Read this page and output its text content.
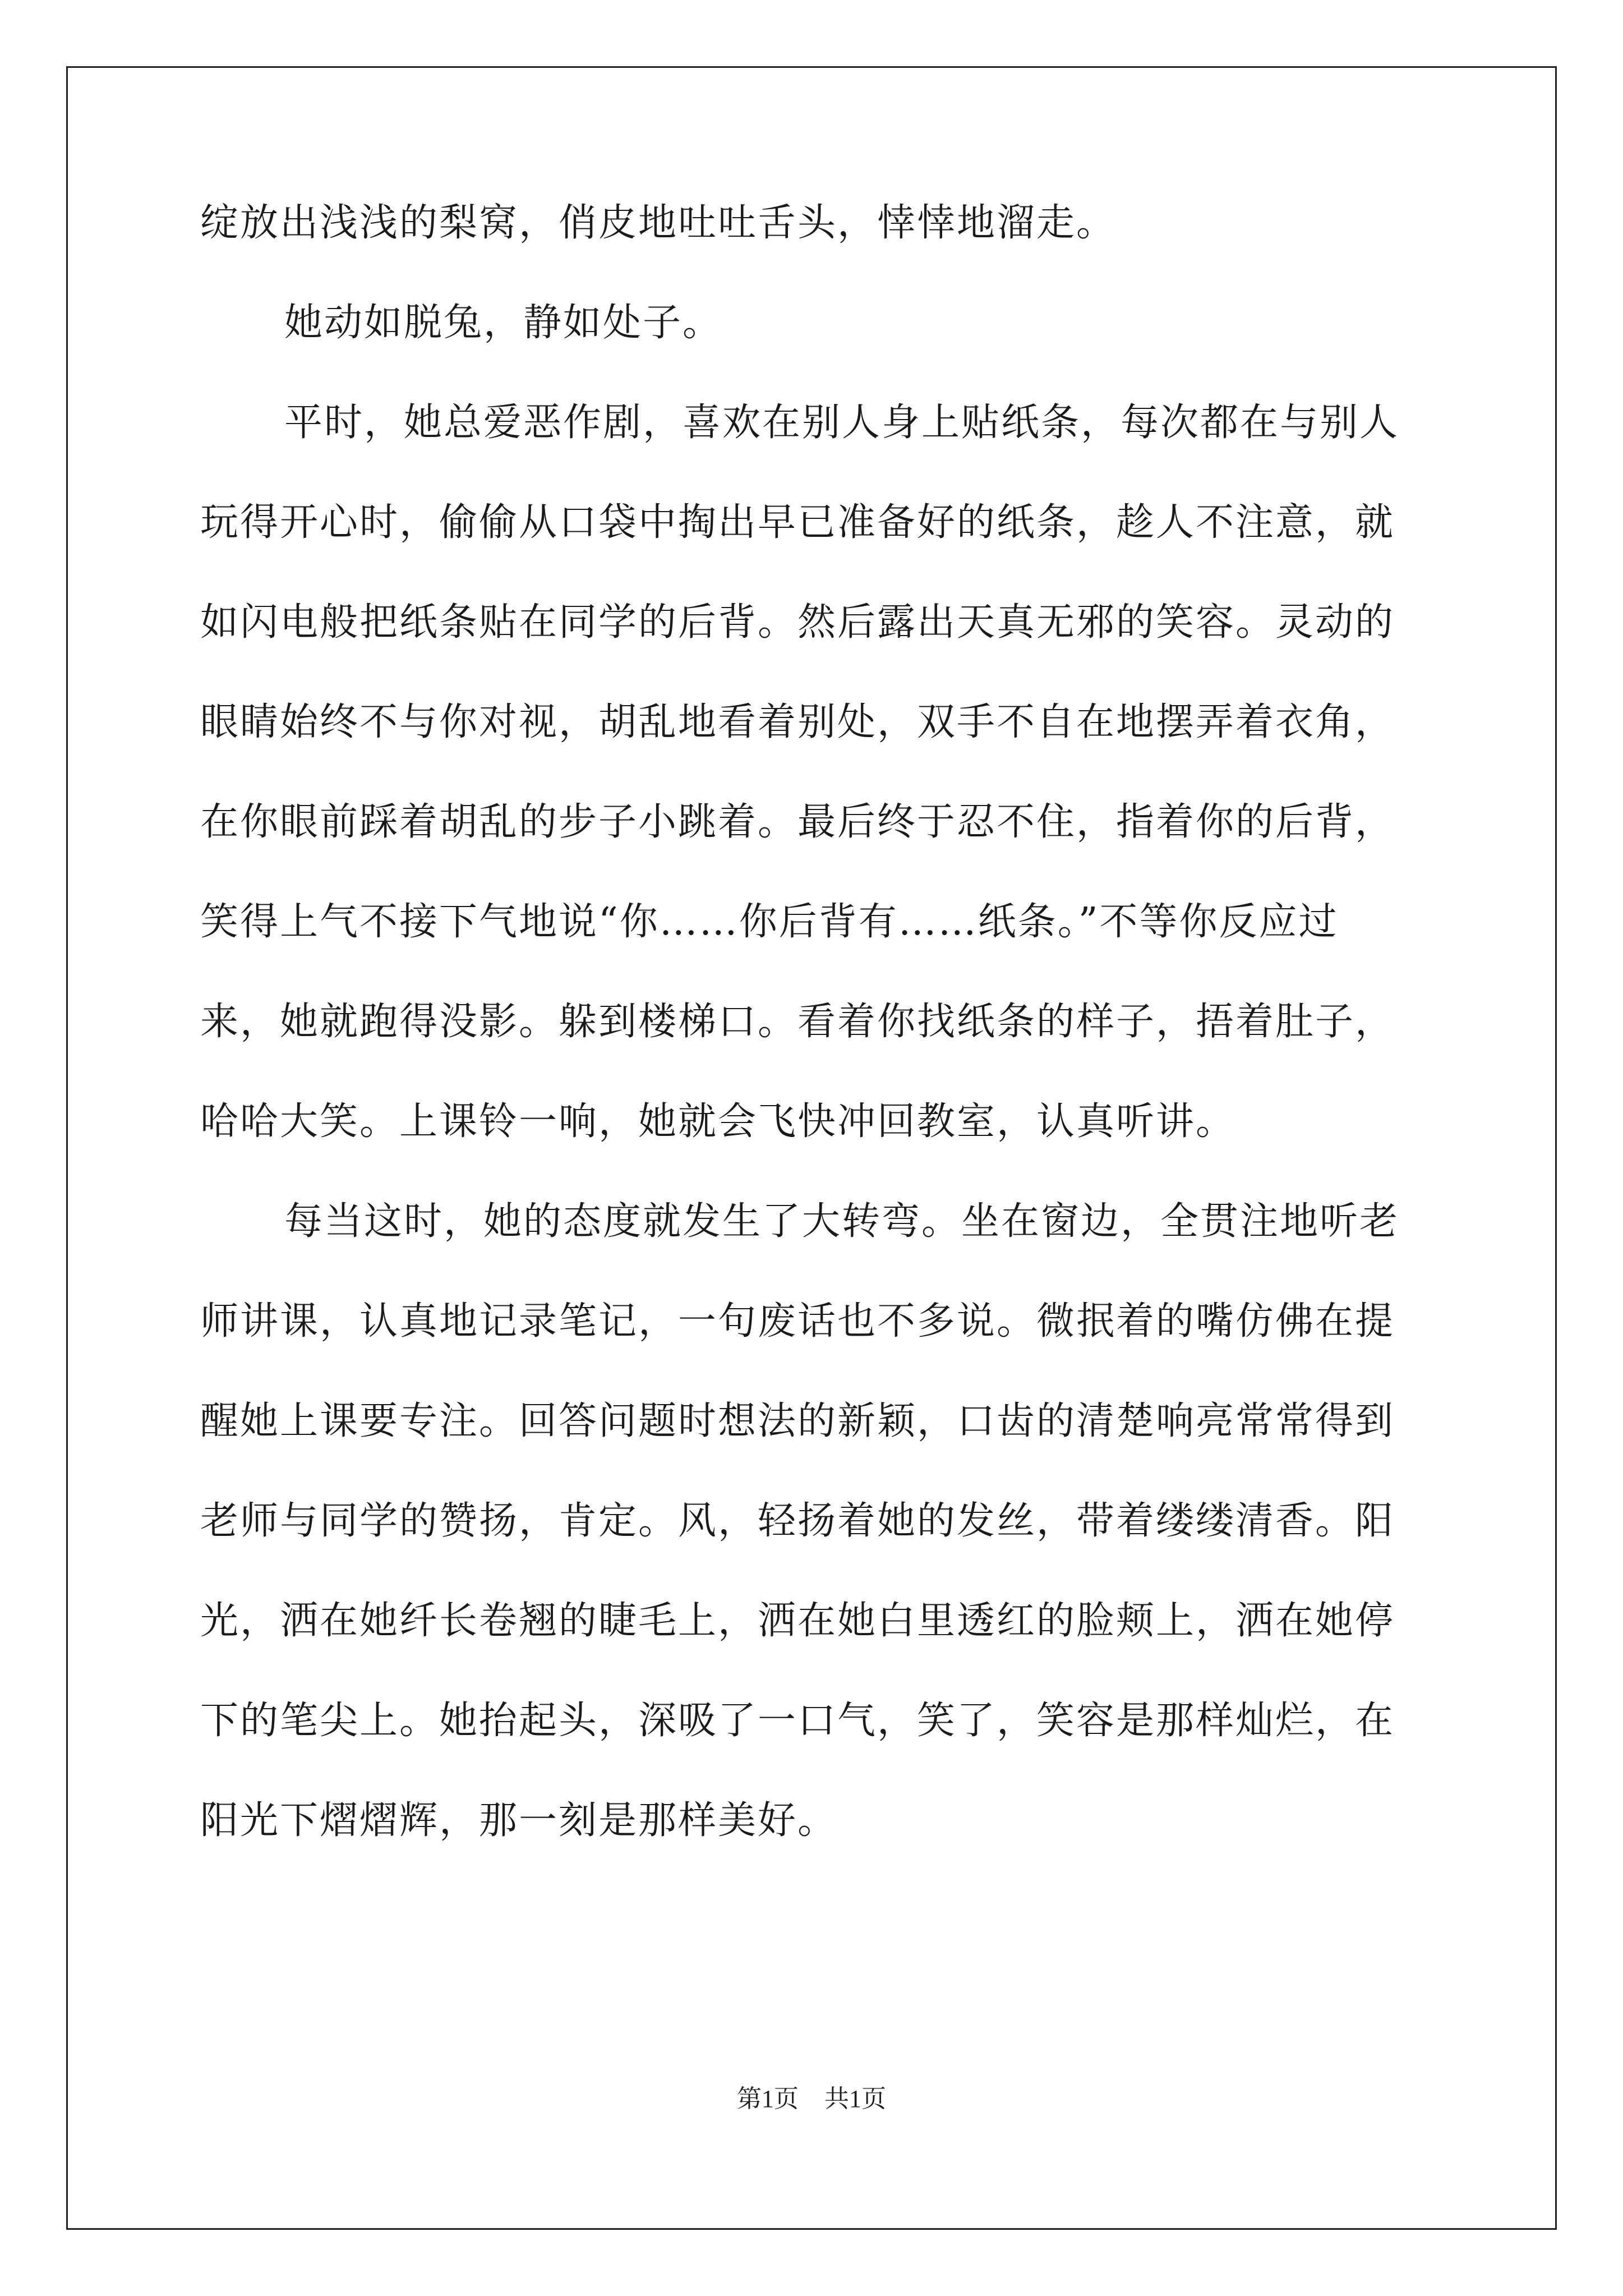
绽放出浅浅的梨窝，俏皮地吐吐舌头，悻悻地溜走。
她动如脱兔，静如处子。
平时，她总爱恶作剧，喜欢在别人身上贴纸条，每次都在与别人
玩得开心时，偷偷从口袋中掏出早已准备好的纸条，趁人不注意，就
如闪电般把纸条贴在同学的后背。然后露出天真无邪的笑容。灵动的
眼睛始终不与你对视，胡乱地看着别处，双手不自在地摆弄着衣角，
在你眼前踩着胡乱的步子小跳着。最后终于忍不住，指着你的后背，
笑得上气不接下气地说“你……你后背有……纸条。”不等你反应过
来，她就跑得没影。躲到楼梯口。看着你找纸条的样子，捂着肚子，
哈哈大笑。上课铃一响，她就会飞快冲回教室，认真听讲。
每当这时，她的态度就发生了大转弯。坐在窗边，全贯注地听老
师讲课，认真地记录笔记，一句废话也不多说。微抿着的嘴仿佛在提
醒她上课要专注。回答问题时想法的新颖，口齿的清楚响亮常常得到
老师与同学的赞扬，肯定。风，轻扬着她的发丝，带着缕缕清香。阳
光，洒在她纤长卷翘的睫毛上，洒在她白里透红的脸颊上，洒在她停
下的笔尖上。她抬起头，深吸了一口气，笑了，笑容是那样灿烂，在
阳光下熠熠辉，那一刻是那样美好。
第1页 共1页
